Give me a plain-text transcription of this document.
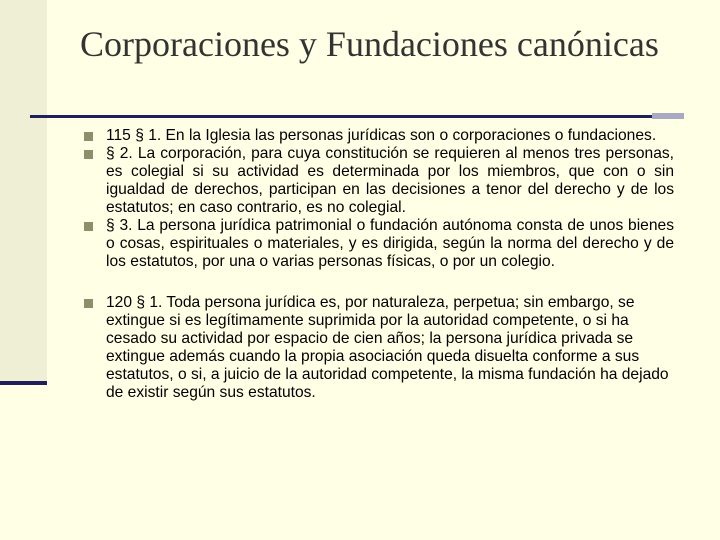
Corporaciones y Fundaciones canónicas
115 § 1. En la Iglesia las personas jurídicas son o corporaciones o fundaciones.
§ 2. La corporación, para cuya constitución se requieren al menos tres personas, es colegial si su actividad es determinada por los miembros, que con o sin igualdad de derechos, participan en las decisiones a tenor del derecho y de los estatutos; en caso contrario, es no colegial.
§ 3. La persona jurídica patrimonial o fundación autónoma consta de unos bienes o cosas, espirituales o materiales, y es dirigida, según la norma del derecho y de los estatutos, por una o varias personas físicas, o por un colegio.
120 § 1. Toda persona jurídica es, por naturaleza, perpetua; sin embargo, se extingue si es legítimamente suprimida por la autoridad competente, o si ha cesado su actividad por espacio de cien años; la persona jurídica privada se extingue además cuando la propia asociación queda disuelta conforme a sus estatutos, o si, a juicio de la autoridad competente, la misma fundación ha dejado de existir según sus estatutos.
